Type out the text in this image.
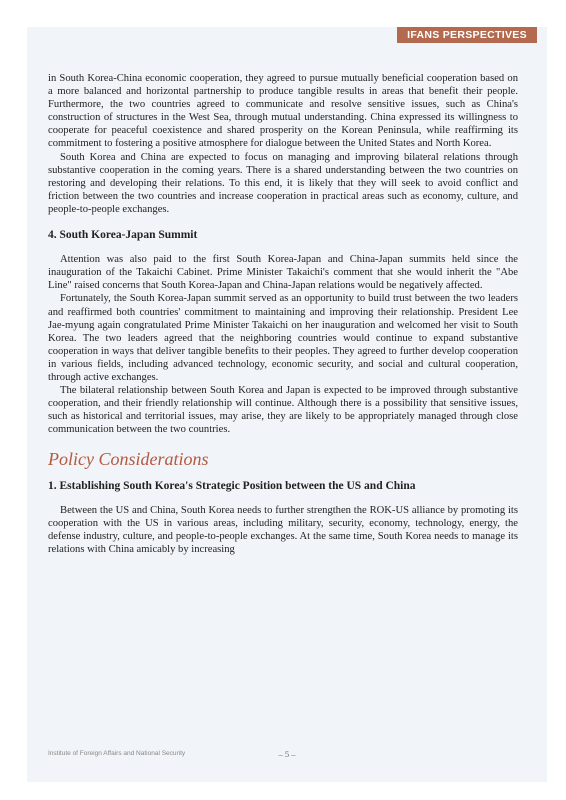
IFANS PERSPECTIVES

in South Korea-China economic cooperation, they agreed to pursue mutually beneficial cooperation based on a more balanced and horizontal partnership to produce tangible results in areas that benefit their people. Furthermore, the two countries agreed to communicate and resolve sensitive issues, such as China's construction of structures in the West Sea, through mutual understanding. China expressed its willingness to cooperate for peaceful coexistence and shared prosperity on the Korean Peninsula, while reaffirming its commitment to fostering a positive atmosphere for dialogue between the United States and North Korea.

South Korea and China are expected to focus on managing and improving bilateral relations through substantive cooperation in the coming years. There is a shared understanding between the two countries on restoring and developing their relations. To this end, it is likely that they will seek to avoid conflict and friction between the two countries and increase cooperation in practical areas such as economy, culture, and people-to-people exchanges.

4. South Korea-Japan Summit

Attention was also paid to the first South Korea-Japan and China-Japan summits held since the inauguration of the Takaichi Cabinet. Prime Minister Takaichi's comment that she would inherit the "Abe Line" raised concerns that South Korea-Japan and China-Japan relations would be negatively affected.

Fortunately, the South Korea-Japan summit served as an opportunity to build trust between the two leaders and reaffirmed both countries' commitment to maintaining and improving their relationship. President Lee Jae-myung again congratulated Prime Minister Takaichi on her inauguration and welcomed her visit to South Korea. The two leaders agreed that the neighboring countries would continue to expand substantive cooperation in ways that deliver tangible benefits to their peoples. They agreed to further develop cooperation in various fields, including advanced technology, economic security, and social and cultural cooperation, through active exchanges.

The bilateral relationship between South Korea and Japan is expected to be improved through substantive cooperation, and their friendly relationship will continue. Although there is a possibility that sensitive issues, such as historical and territorial issues, may arise, they are likely to be appropriately managed through close communication between the two countries.

Policy Considerations
1. Establishing South Korea's Strategic Position between the US and China

Between the US and China, South Korea needs to further strengthen the ROK-US alliance by promoting its cooperation with the US in various areas, including military, security, economy, technology, energy, the defense industry, culture, and people-to-people exchanges. At the same time, South Korea needs to manage its relations with China amicably by increasing

Institute of Foreign Affairs and National Security	– 5 –
